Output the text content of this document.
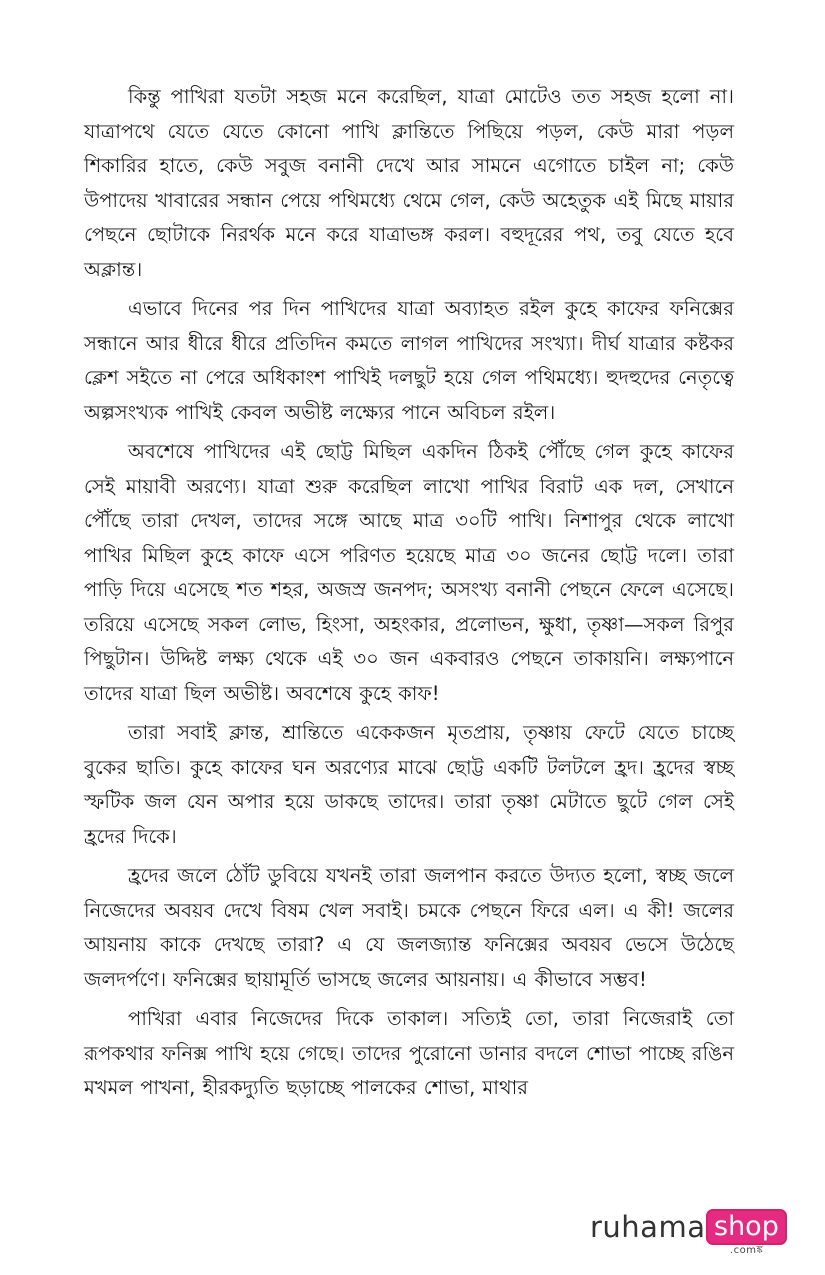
কিন্তু পাখিরা যতটা সহজ মনে করেছিল, যাত্রা মোটেও তত সহজ হলো না। যাত্রাপথে যেতে যেতে কোনো পাখি ক্লান্তিতে পিছিয়ে পড়ল, কেউ মারা পড়ল শিকারির হাতে, কেউ সবুজ বনানী দেখে আর সামনে এগোতে চাইল না; কেউ উপাদেয় খাবারের সন্ধান পেয়ে পথিমধ্যে থেমে গেল, কেউ অহেতুক এই মিছে মায়ার পেছনে ছোটাকে নিরর্থক মনে করে যাত্রাভঙ্গ করল। বহুদূরের পথ, তবু যেতে হবে অক্লান্ত।

এভাবে দিনের পর দিন পাখিদের যাত্রা অব্যাহত রইল কুহে কাফের ফনিক্সের সন্ধানে আর ধীরে ধীরে প্রতিদিন কমতে লাগল পাখিদের সংখ্যা। দীর্ঘ যাত্রার কষ্টকর ক্লেশ সইতে না পেরে অধিকাংশ পাখিই দলছুট হয়ে গেল পথিমধ্যে। হুদহুদের নেতৃত্বে অল্পসংখ্যক পাখিই কেবল অভীষ্ট লক্ষ্যের পানে অবিচল রইল।

অবশেষে পাখিদের এই ছোট্ট মিছিল একদিন ঠিকই পৌঁছে গেল কুহে কাফের সেই মায়াবী অরণ্যে। যাত্রা শুরু করেছিল লাখো পাখির বিরাট এক দল, সেখানে পৌঁছে তারা দেখল, তাদের সঙ্গে আছে মাত্র ৩০টি পাখি। নিশাপুর থেকে লাখো পাখির মিছিল কুহে কাফে এসে পরিণত হয়েছে মাত্র ৩০ জনের ছোট্ট দলে। তারা পাড়ি দিয়ে এসেছে শত শহর, অজস্র জনপদ; অসংখ্য বনানী পেছনে ফেলে এসেছে। তরিয়ে এসেছে সকল লোভ, হিংসা, অহংকার, প্রলোভন, ক্ষুধা, তৃষ্ণা—সকল রিপুর পিছুটান। উদ্দিষ্ট লক্ষ্য থেকে এই ৩০ জন একবারও পেছনে তাকায়নি। লক্ষ্যপানে তাদের যাত্রা ছিল অভীষ্ট। অবশেষে কুহে কাফ!

তারা সবাই ক্লান্ত, শ্রান্তিতে একেকজন মৃতপ্রায়, তৃষ্ণায় ফেটে যেতে চাচ্ছে বুকের ছাতি। কুহে কাফের ঘন অরণ্যের মাঝে ছোট্ট একটি টলটলে হ্রদ। হ্রদের স্বচ্ছ স্ফটিক জল যেন অপার হয়ে ডাকছে তাদের। তারা তৃষ্ণা মেটাতে ছুটে গেল সেই হ্রদের দিকে।

হ্রদের জলে ঠোঁট ডুবিয়ে যখনই তারা জলপান করতে উদ্যত হলো, স্বচ্ছ জলে নিজেদের অবয়ব দেখে বিষম খেল সবাই। চমকে পেছনে ফিরে এল। এ কী! জলের আয়নায় কাকে দেখছে তারা? এ যে জলজ্যান্ত ফনিক্সের অবয়ব ভেসে উঠেছে জলদর্পণে। ফনিক্সের ছায়ামূর্তি ভাসছে জলের আয়নায়। এ কীভাবে সম্ভব!

পাখিরা এবার নিজেদের দিকে তাকাল। সত্যিই তো, তারা নিজেরাই তো রূপকথার ফনিক্স পাখি হয়ে গেছে। তাদের পুরোনো ডানার বদলে শোভা পাচ্ছে রঙিন মখমল পাখনা, হীরকদ্যুতি ছড়াচ্ছে পালকের শোভা, মাথার

ruhama shop
.comঙ্ক
